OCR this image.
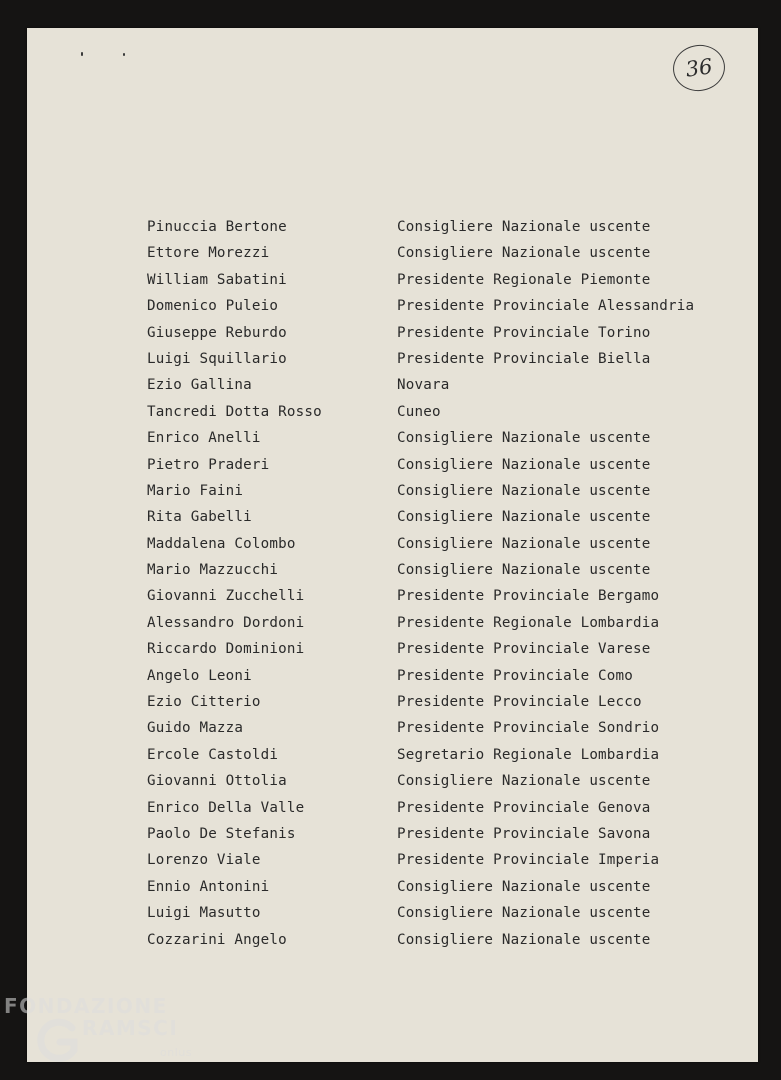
36
Pinuccia Bertone	Consigliere Nazionale uscente
Ettore Morezzi	Consigliere Nazionale uscente
William Sabatini	Presidente Regionale Piemonte
Domenico Puleio	Presidente Provinciale Alessandria
Giuseppe Reburdo	Presidente Provinciale Torino
Luigi Squillario	Presidente Provinciale Biella
Ezio Gallina	Novara
Tancredi Dotta Rosso	Cuneo
Enrico Anelli	Consigliere Nazionale uscente
Pietro Praderi	Consigliere Nazionale uscente
Mario Faini	Consigliere Nazionale uscente
Rita Gabelli	Consigliere Nazionale uscente
Maddalena Colombo	Consigliere Nazionale uscente
Mario Mazzucchi	Consigliere Nazionale uscente
Giovanni Zucchelli	Presidente Provinciale Bergamo
Alessandro Dordoni	Presidente Regionale Lombardia
Riccardo Dominioni	Presidente Provinciale Varese
Angelo Leoni	Presidente Provinciale Como
Ezio Citterio	Presidente Provinciale Lecco
Guido Mazza	Presidente Provinciale Sondrio
Ercole Castoldi	Segretario Regionale Lombardia
Giovanni Ottolia	Consigliere Nazionale uscente
Enrico Della Valle	Presidente Provinciale Genova
Paolo De Stefanis	Presidente Provinciale Savona
Lorenzo Viale	Presidente Provinciale Imperia
Ennio Antonini	Consigliere Nazionale uscente
Luigi Masutto	Consigliere Nazionale uscente
Cozzarini Angelo	Consigliere Nazionale uscente
FONDAZIONE
RAMSCI
onlus
